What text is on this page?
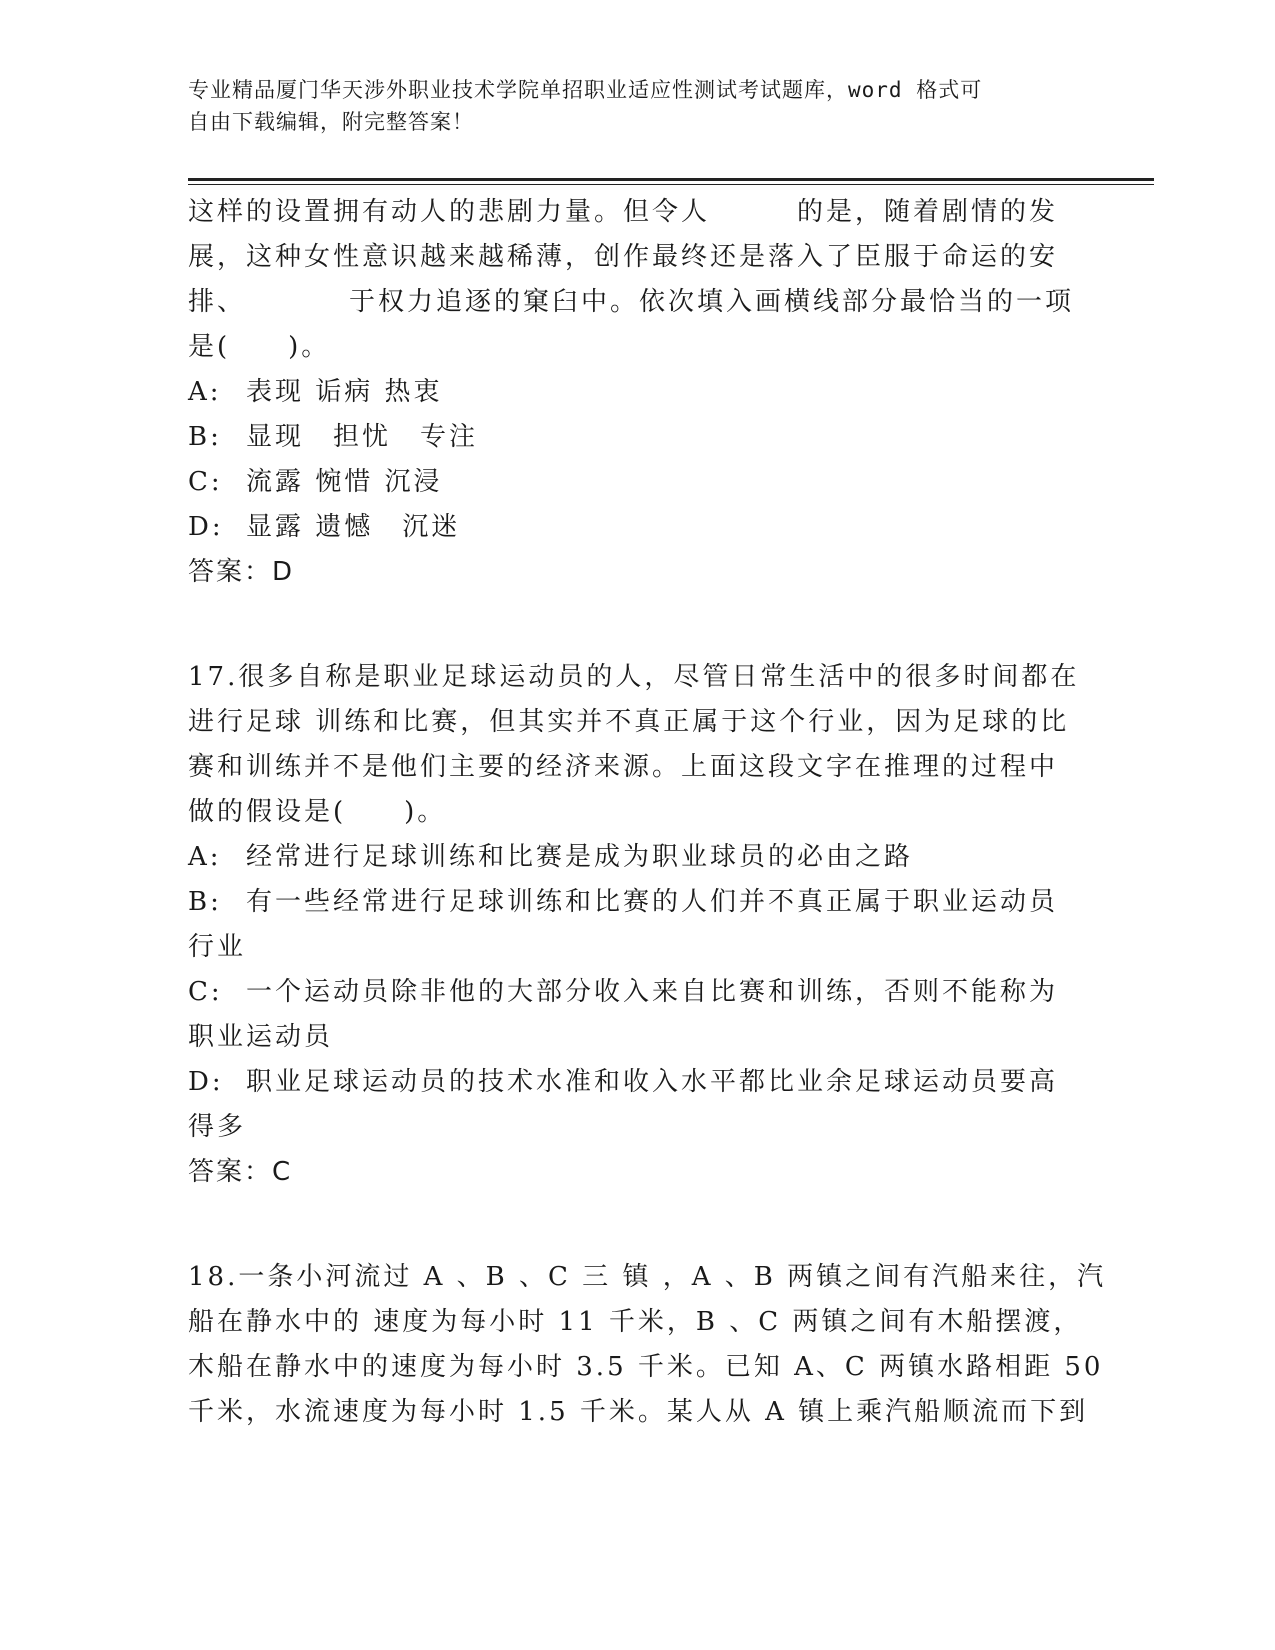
专业精品厦门华天涉外职业技术学院单招职业适应性测试考试题库，word 格式可
自由下载编辑，附完整答案！
这样的设置拥有动人的悲剧力量。但令人　　　的是，随着剧情的发
展，这种女性意识越来越稀薄，创作最终还是落入了臣服于命运的安
排、　　　　于权力追逐的窠臼中。依次填入画横线部分最恰当的一项
是(　　)。
A: 表现 诟病 热衷
B: 显现　担忧　专注
C: 流露 惋惜 沉浸
D: 显露 遗憾　沉迷
答案：D
17.很多自称是职业足球运动员的人，尽管日常生活中的很多时间都在
进行足球 训练和比赛，但其实并不真正属于这个行业，因为足球的比
赛和训练并不是他们主要的经济来源。上面这段文字在推理的过程中
做的假设是(　　)。
A: 经常进行足球训练和比赛是成为职业球员的必由之路
B: 有一些经常进行足球训练和比赛的人们并不真正属于职业运动员
行业
C: 一个运动员除非他的大部分收入来自比赛和训练，否则不能称为
职业运动员
D: 职业足球运动员的技术水准和收入水平都比业余足球运动员要高
得多
答案：C
18.一条小河流过 A 、B 、C 三 镇 ，A 、B 两镇之间有汽船来往，汽
船在静水中的 速度为每小时 11 千米，B 、C 两镇之间有木船摆渡，
木船在静水中的速度为每小时 3.5 千米。已知 A、C 两镇水路相距 50
千米，水流速度为每小时 1.5 千米。某人从 A 镇上乘汽船顺流而下到
